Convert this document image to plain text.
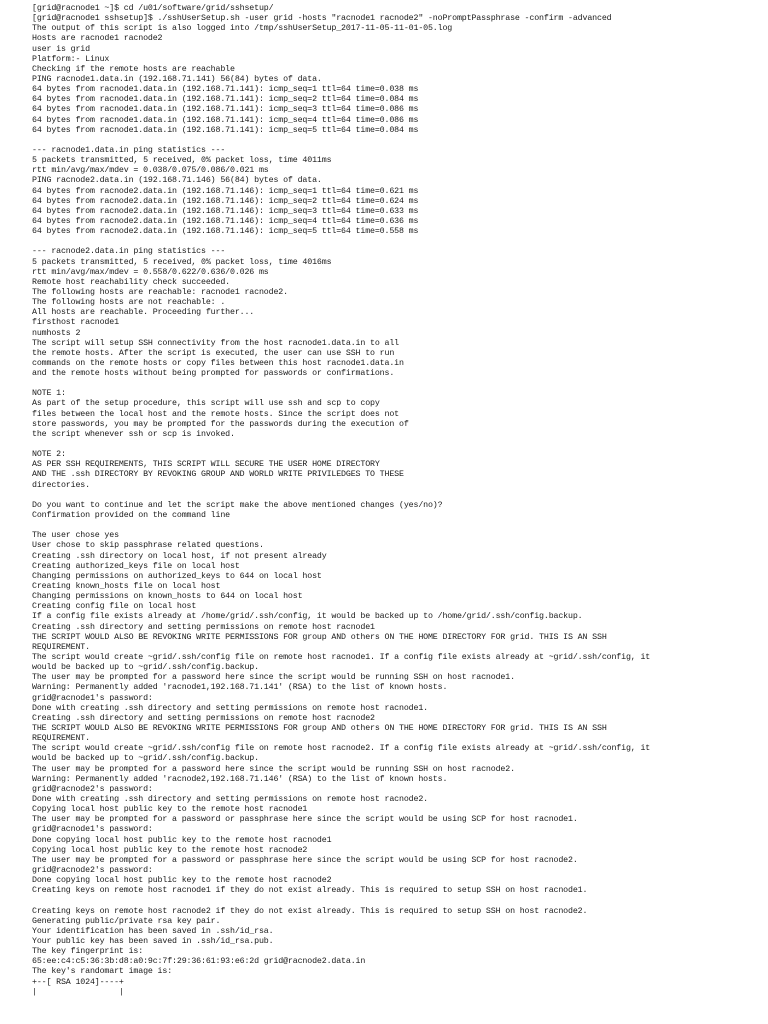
[grid@racnode1 ~]$ cd /u01/software/grid/sshsetup/
[grid@racnode1 sshsetup]$ ./sshUserSetup.sh -user grid -hosts "racnode1 racnode2" -noPromptPassphrase -confirm -advanced
The output of this script is also logged into /tmp/sshUserSetup_2017-11-05-11-01-05.log
Hosts are racnode1 racnode2
user is grid
Platform:- Linux
Checking if the remote hosts are reachable
PING racnode1.data.in (192.168.71.141) 56(84) bytes of data.
64 bytes from racnode1.data.in (192.168.71.141): icmp_seq=1 ttl=64 time=0.038 ms
64 bytes from racnode1.data.in (192.168.71.141): icmp_seq=2 ttl=64 time=0.084 ms
64 bytes from racnode1.data.in (192.168.71.141): icmp_seq=3 ttl=64 time=0.086 ms
64 bytes from racnode1.data.in (192.168.71.141): icmp_seq=4 ttl=64 time=0.086 ms
64 bytes from racnode1.data.in (192.168.71.141): icmp_seq=5 ttl=64 time=0.084 ms
--- racnode1.data.in ping statistics ---
5 packets transmitted, 5 received, 0% packet loss, time 4011ms
rtt min/avg/max/mdev = 0.038/0.075/0.086/0.021 ms
PING racnode2.data.in (192.168.71.146) 56(84) bytes of data.
64 bytes from racnode2.data.in (192.168.71.146): icmp_seq=1 ttl=64 time=0.621 ms
64 bytes from racnode2.data.in (192.168.71.146): icmp_seq=2 ttl=64 time=0.624 ms
64 bytes from racnode2.data.in (192.168.71.146): icmp_seq=3 ttl=64 time=0.633 ms
64 bytes from racnode2.data.in (192.168.71.146): icmp_seq=4 ttl=64 time=0.636 ms
64 bytes from racnode2.data.in (192.168.71.146): icmp_seq=5 ttl=64 time=0.558 ms
--- racnode2.data.in ping statistics ---
5 packets transmitted, 5 received, 0% packet loss, time 4016ms
rtt min/avg/max/mdev = 0.558/0.622/0.636/0.026 ms
Remote host reachability check succeeded.
The following hosts are reachable: racnode1 racnode2.
The following hosts are not reachable: .
All hosts are reachable. Proceeding further...
firsthost racnode1
numhosts 2
The script will setup SSH connectivity from the host racnode1.data.in to all
the remote hosts. After the script is executed, the user can use SSH to run
commands on the remote hosts or copy files between this host racnode1.data.in
and the remote hosts without being prompted for passwords or confirmations.
NOTE 1:
As part of the setup procedure, this script will use ssh and scp to copy
files between the local host and the remote hosts. Since the script does not
store passwords, you may be prompted for the passwords during the execution of
the script whenever ssh or scp is invoked.
NOTE 2:
AS PER SSH REQUIREMENTS, THIS SCRIPT WILL SECURE THE USER HOME DIRECTORY
AND THE .ssh DIRECTORY BY REVOKING GROUP AND WORLD WRITE PRIVILEDGES TO THESE
directories.
Do you want to continue and let the script make the above mentioned changes (yes/no)?
Confirmation provided on the command line
The user chose yes
User chose to skip passphrase related questions.
Creating .ssh directory on local host, if not present already
Creating authorized_keys file on local host
Changing permissions on authorized_keys to 644 on local host
Creating known_hosts file on local host
Changing permissions on known_hosts to 644 on local host
Creating config file on local host
If a config file exists already at /home/grid/.ssh/config, it would be backed up to /home/grid/.ssh/config.backup.
Creating .ssh directory and setting permissions on remote host racnode1
THE SCRIPT WOULD ALSO BE REVOKING WRITE PERMISSIONS FOR group AND others ON THE HOME DIRECTORY FOR grid. THIS IS AN SSH
REQUIREMENT.
The script would create ~grid/.ssh/config file on remote host racnode1. If a config file exists already at ~grid/.ssh/config, it
would be backed up to ~grid/.ssh/config.backup.
The user may be prompted for a password here since the script would be running SSH on host racnode1.
Warning: Permanently added 'racnode1,192.168.71.141' (RSA) to the list of known hosts.
grid@racnode1's password:
Done with creating .ssh directory and setting permissions on remote host racnode1.
Creating .ssh directory and setting permissions on remote host racnode2
THE SCRIPT WOULD ALSO BE REVOKING WRITE PERMISSIONS FOR group AND others ON THE HOME DIRECTORY FOR grid. THIS IS AN SSH
REQUIREMENT.
The script would create ~grid/.ssh/config file on remote host racnode2. If a config file exists already at ~grid/.ssh/config, it
would be backed up to ~grid/.ssh/config.backup.
The user may be prompted for a password here since the script would be running SSH on host racnode2.
Warning: Permanently added 'racnode2,192.168.71.146' (RSA) to the list of known hosts.
grid@racnode2's password:
Done with creating .ssh directory and setting permissions on remote host racnode2.
Copying local host public key to the remote host racnode1
The user may be prompted for a password or passphrase here since the script would be using SCP for host racnode1.
grid@racnode1's password:
Done copying local host public key to the remote host racnode1
Copying local host public key to the remote host racnode2
The user may be prompted for a password or passphrase here since the script would be using SCP for host racnode2.
grid@racnode2's password:
Done copying local host public key to the remote host racnode2
Creating keys on remote host racnode1 if they do not exist already. This is required to setup SSH on host racnode1.
Creating keys on remote host racnode2 if they do not exist already. This is required to setup SSH on host racnode2.
Generating public/private rsa key pair.
Your identification has been saved in .ssh/id_rsa.
Your public key has been saved in .ssh/id_rsa.pub.
The key fingerprint is:
65:ee:c4:c5:36:3b:d8:a0:9c:7f:29:36:61:93:e6:2d grid@racnode2.data.in
The key's randomart image is:
+--[ RSA 1024]----+
|                 |
